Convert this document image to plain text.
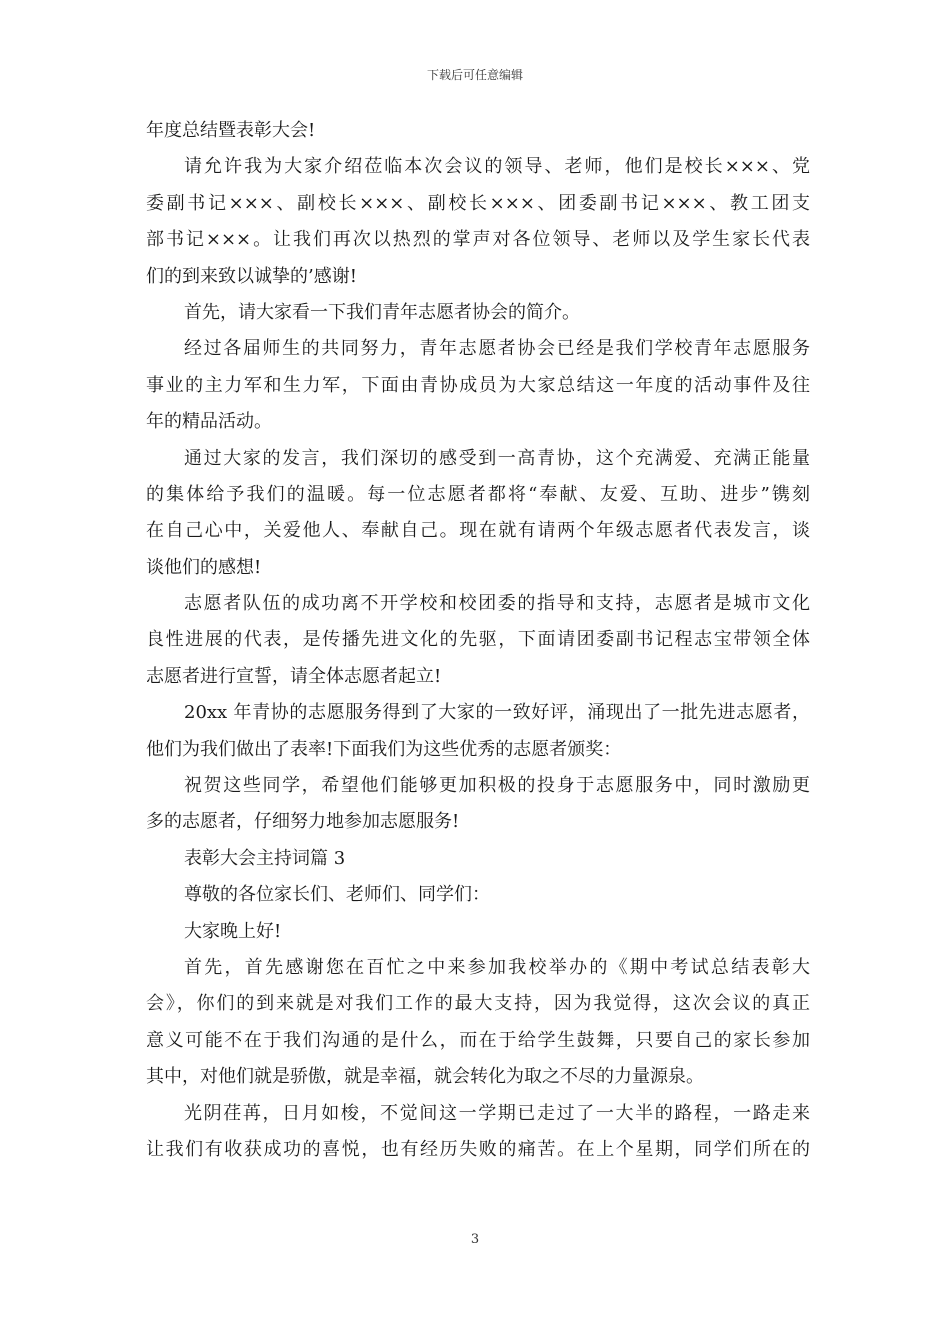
下载后可任意编辑
年度总结暨表彰大会!
请允许我为大家介绍莅临本次会议的领导、老师，他们是校长×××、党
委副书记×××、副校长×××、副校长×××、团委副书记×××、教工团支
部书记×××。让我们再次以热烈的掌声对各位领导、老师以及学生家长代表
们的到来致以诚挚的’感谢!
首先，请大家看一下我们青年志愿者协会的简介。
经过各届师生的共同努力，青年志愿者协会已经是我们学校青年志愿服务
事业的主力军和生力军，下面由青协成员为大家总结这一年度的活动事件及往
年的精品活动。
通过大家的发言，我们深切的感受到一高青协，这个充满爱、充满正能量
的集体给予我们的温暖。每一位志愿者都将“奉献、友爱、互助、进步”镌刻
在自己心中，关爱他人、奉献自己。现在就有请两个年级志愿者代表发言，谈
谈他们的感想!
志愿者队伍的成功离不开学校和校团委的指导和支持，志愿者是城市文化
良性进展的代表，是传播先进文化的先驱，下面请团委副书记程志宝带领全体
志愿者进行宣誓，请全体志愿者起立!
20xx 年青协的志愿服务得到了大家的一致好评，涌现出了一批先进志愿者，
他们为我们做出了表率!下面我们为这些优秀的志愿者颁奖：
祝贺这些同学，希望他们能够更加积极的投身于志愿服务中，同时激励更
多的志愿者，仔细努力地参加志愿服务!
表彰大会主持词篇 3
尊敬的各位家长们、老师们、同学们：
大家晚上好!
首先，首先感谢您在百忙之中来参加我校举办的《期中考试总结表彰大
会》，你们的到来就是对我们工作的最大支持，因为我觉得，这次会议的真正
意义可能不在于我们沟通的是什么，而在于给学生鼓舞，只要自己的家长参加
其中，对他们就是骄傲，就是幸福，就会转化为取之不尽的力量源泉。
光阴荏苒，日月如梭，不觉间这一学期已走过了一大半的路程，一路走来
让我们有收获成功的喜悦，也有经历失败的痛苦。在上个星期，同学们所在的
3
